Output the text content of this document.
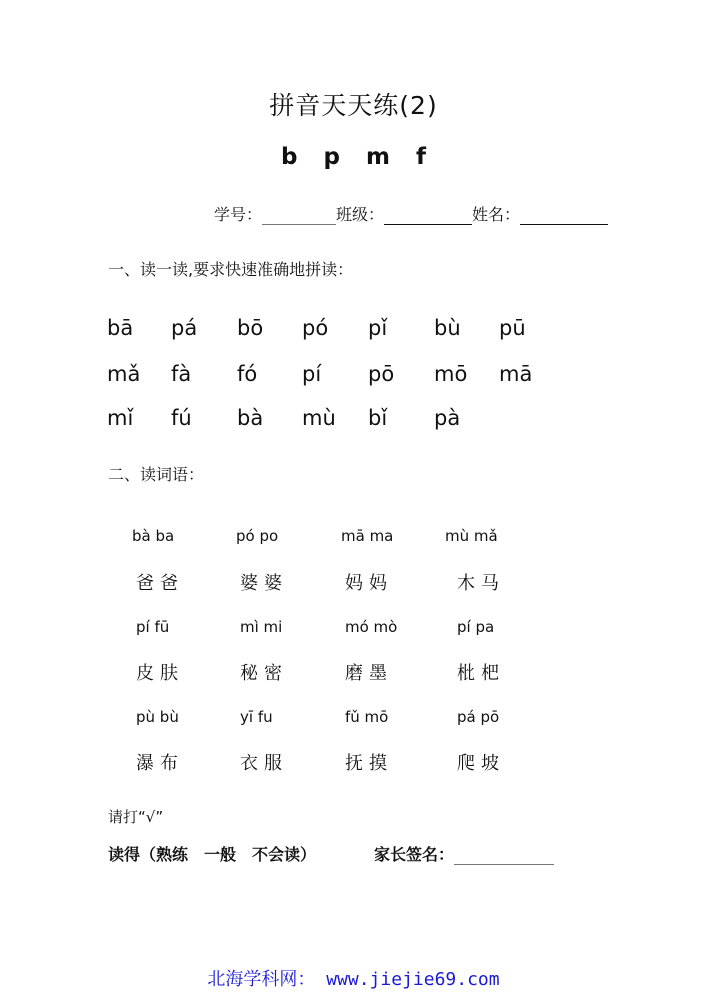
拼音天天练(2)
b p m f
学号：	班级：	姓名：
一、读一读,要求快速准确地拼读：
bā pá bō pó pǐ bù pū
mǎ fà fó pí pō mō mā
mǐ fú bà mù bǐ pà
二、读词语：
bà ba	pó po	mā ma	mù mǎ
爸爸	婆婆	妈妈	木马
pí fū	mì mi	mó mò	pí pa
皮肤	秘密	磨墨	枇杷
pù bù	yī fu	fǔ mō	pá pō
瀑布	衣服	抚摸	爬坡
请打“√”
读得（熟练　一般　不会读）	家长签名：
北海学科网： www.jiejie69.com
